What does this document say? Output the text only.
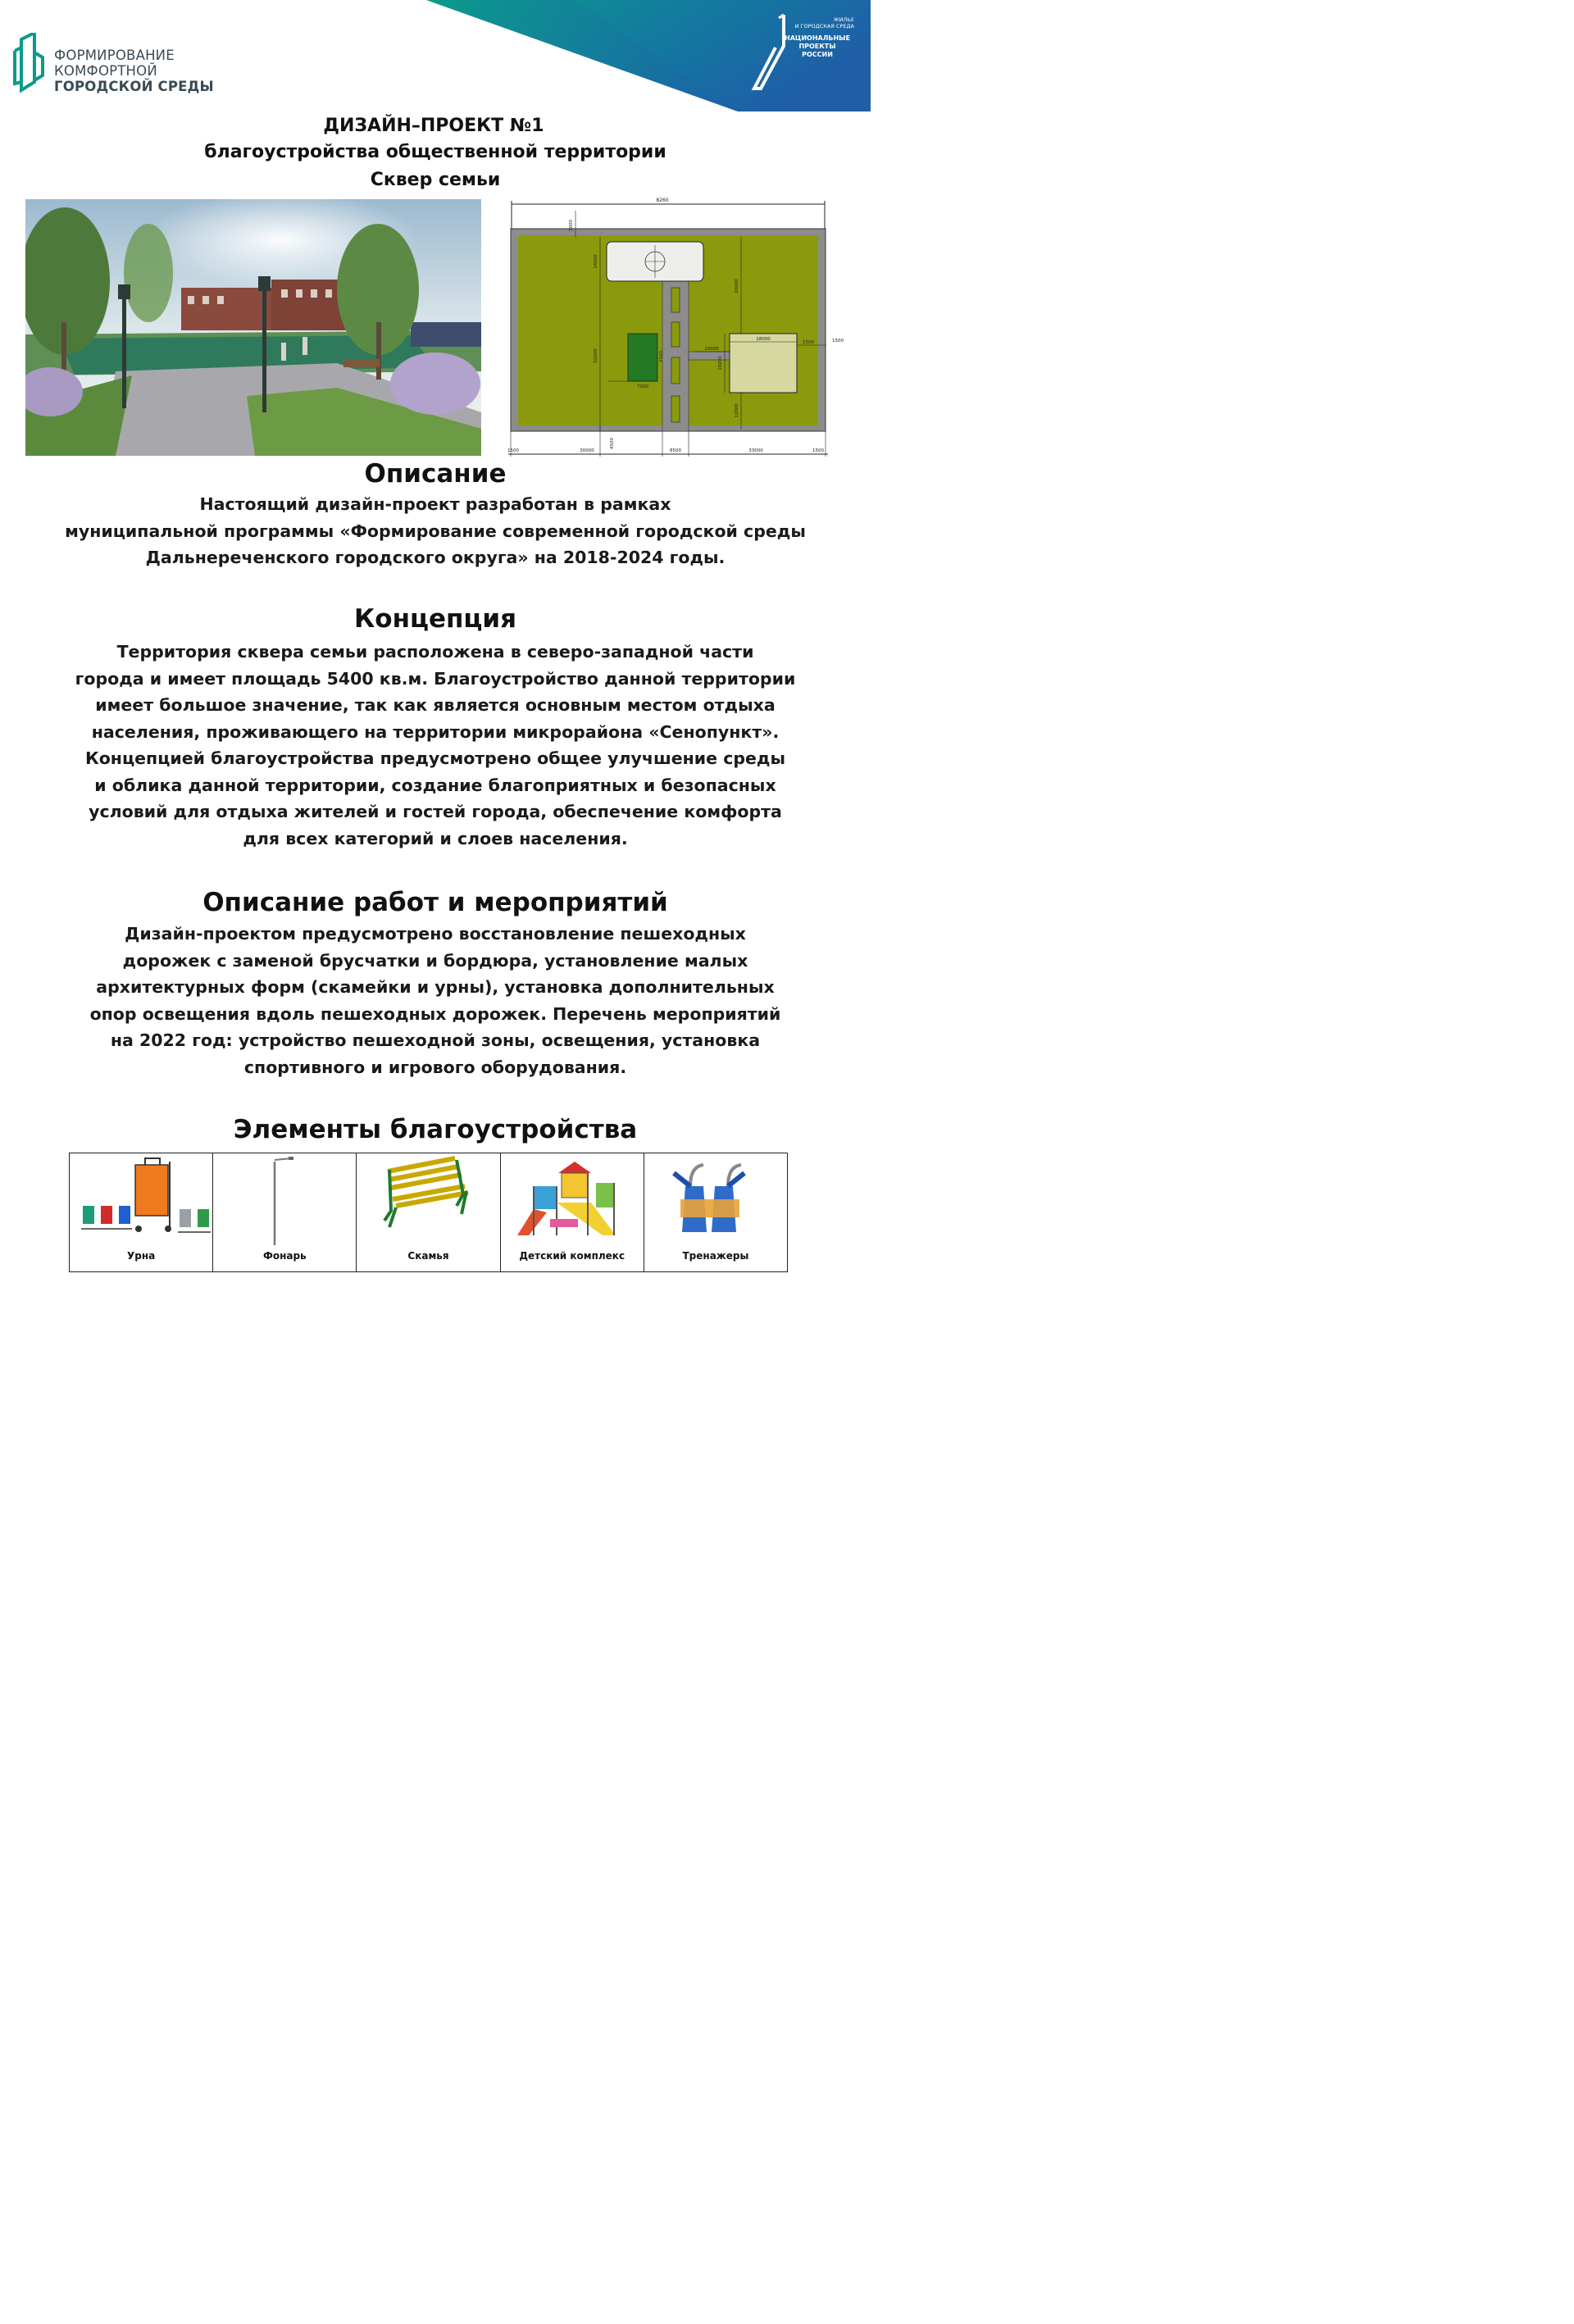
ФОРМИРОВАНИЕ
КОМФОРТНОЙ
ГОРОДСКОЙ СРЕДЫ
ЖИЛЬЕ
И ГОРОДСКАЯ СРЕДА
НАЦИОНАЛЬНЫЕ
ПРОЕКТЫ
РОССИИ
ДИЗАЙН–ПРОЕКТ №1
благоустройства общественной территории
Сквер семьи
8260
3000
14000
52000
26000
12000
19200
18000
10000
1500	1500
7000
2500
4500
1500	30000	8500	33000	1500
Описание
Настоящий дизайн-проект разработан в рамках
муниципальной программы «Формирование современной городской среды
Дальнереченского городского округа» на 2018-2024 годы.
Концепция
Территория сквера семьи расположена в северо-западной части
города и имеет площадь 5400 кв.м. Благоустройство данной территории
имеет большое значение, так как является основным местом отдыха
населения, проживающего на территории микрорайона «Сенопункт».
Концепцией благоустройства предусмотрено общее улучшение среды
и облика данной территории, создание благоприятных и безопасных
условий для отдыха жителей и гостей города, обеспечение комфорта
для всех категорий и слоев населения.
Описание работ и мероприятий
Дизайн-проектом предусмотрено восстановление пешеходных
дорожек с заменой брусчатки и бордюра, установление малых
архитектурных форм (скамейки и урны), установка дополнительных
опор освещения вдоль пешеходных дорожек. Перечень мероприятий
на 2022 год: устройство пешеходной зоны, освещения, установка
спортивного и игрового оборудования.
Элементы благоустройства
Урна	Фонарь	Скамья	Детский комплекс	Тренажеры
